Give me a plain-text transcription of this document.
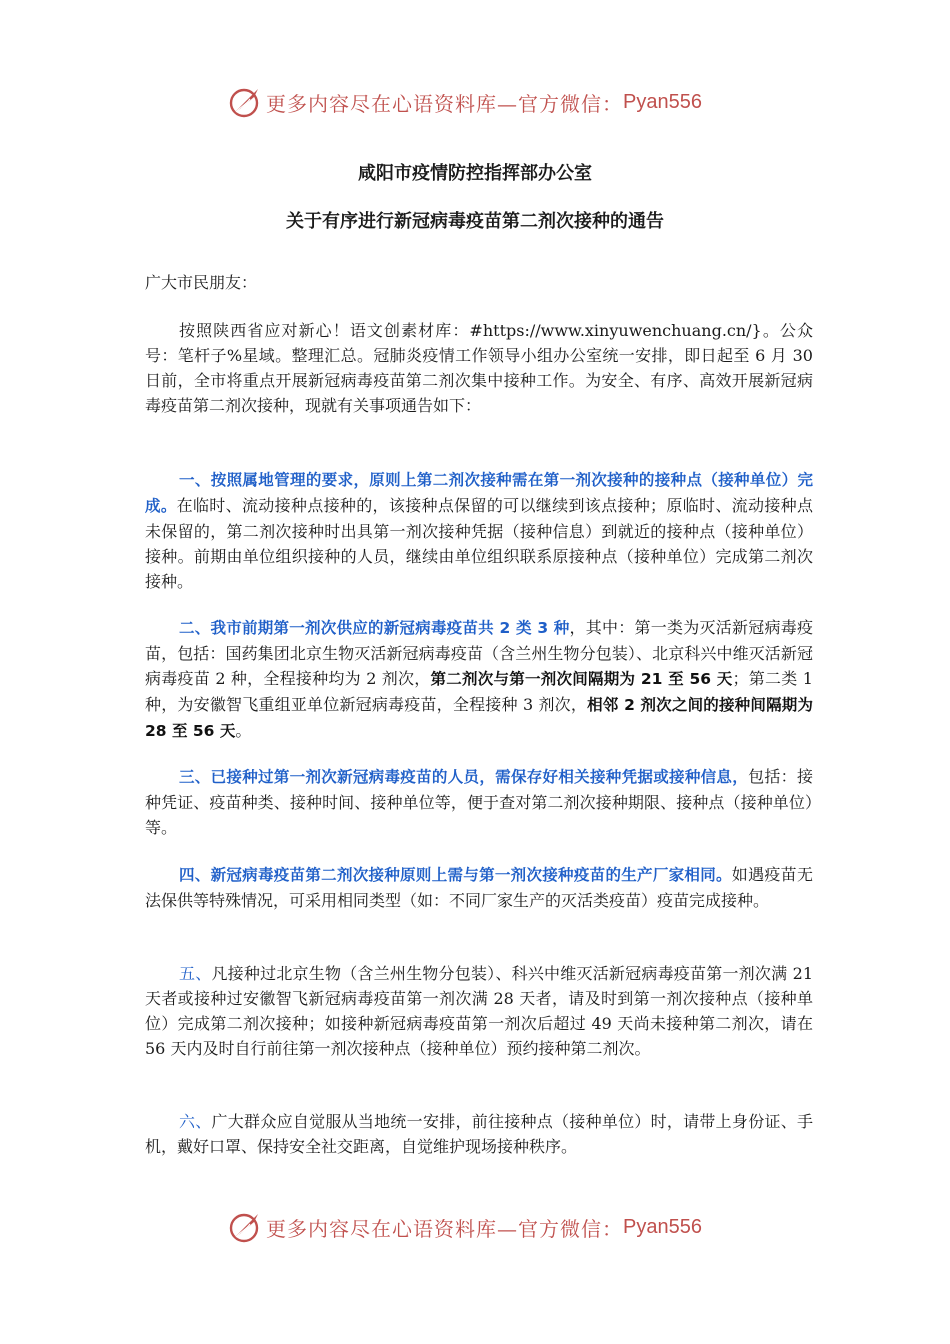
更多内容尽在心语资料库—官方微信： Pyan556
咸阳市疫情防控指挥部办公室
关于有序进行新冠病毒疫苗第二剂次接种的通告
广大市民朋友：
按照陕西省应对新心！语文创素材库：#https://www.xinyuwenchuang.cn/}。公众号：笔杆子%星域。整理汇总。冠肺炎疫情工作领导小组办公室统一安排，即日起至 6 月 30 日前，全市将重点开展新冠病毒疫苗第二剂次集中接种工作。为安全、有序、高效开展新冠病毒疫苗第二剂次接种，现就有关事项通告如下：
一、按照属地管理的要求，原则上第二剂次接种需在第一剂次接种的接种点（接种单位）完成。在临时、流动接种点接种的，该接种点保留的可以继续到该点接种；原临时、流动接种点未保留的，第二剂次接种时出具第一剂次接种凭据（接种信息）到就近的接种点（接种单位）接种。前期由单位组织接种的人员，继续由单位组织联系原接种点（接种单位）完成第二剂次接种。
二、我市前期第一剂次供应的新冠病毒疫苗共 2 类 3 种，其中：第一类为灭活新冠病毒疫苗，包括：国药集团北京生物灭活新冠病毒疫苗（含兰州生物分包装）、北京科兴中维灭活新冠病毒疫苗 2 种，全程接种均为 2 剂次，第二剂次与第一剂次间隔期为 21 至 56 天；第二类 1 种，为安徽智飞重组亚单位新冠病毒疫苗，全程接种 3 剂次，相邻 2 剂次之间的接种间隔期为 28 至 56 天。
三、已接种过第一剂次新冠病毒疫苗的人员，需保存好相关接种凭据或接种信息，包括：接种凭证、疫苗种类、接种时间、接种单位等，便于查对第二剂次接种期限、接种点（接种单位）等。
四、新冠病毒疫苗第二剂次接种原则上需与第一剂次接种疫苗的生产厂家相同。如遇疫苗无法保供等特殊情况，可采用相同类型（如：不同厂家生产的灭活类疫苗）疫苗完成接种。
五、凡接种过北京生物（含兰州生物分包装）、科兴中维灭活新冠病毒疫苗第一剂次满 21 天者或接种过安徽智飞新冠病毒疫苗第一剂次满 28 天者，请及时到第一剂次接种点（接种单位）完成第二剂次接种；如接种新冠病毒疫苗第一剂次后超过 49 天尚未接种第二剂次，请在 56 天内及时自行前往第一剂次接种点（接种单位）预约接种第二剂次。
六、广大群众应自觉服从当地统一安排，前往接种点（接种单位）时，请带上身份证、手机，戴好口罩、保持安全社交距离，自觉维护现场接种秩序。
更多内容尽在心语资料库—官方微信： Pyan556
